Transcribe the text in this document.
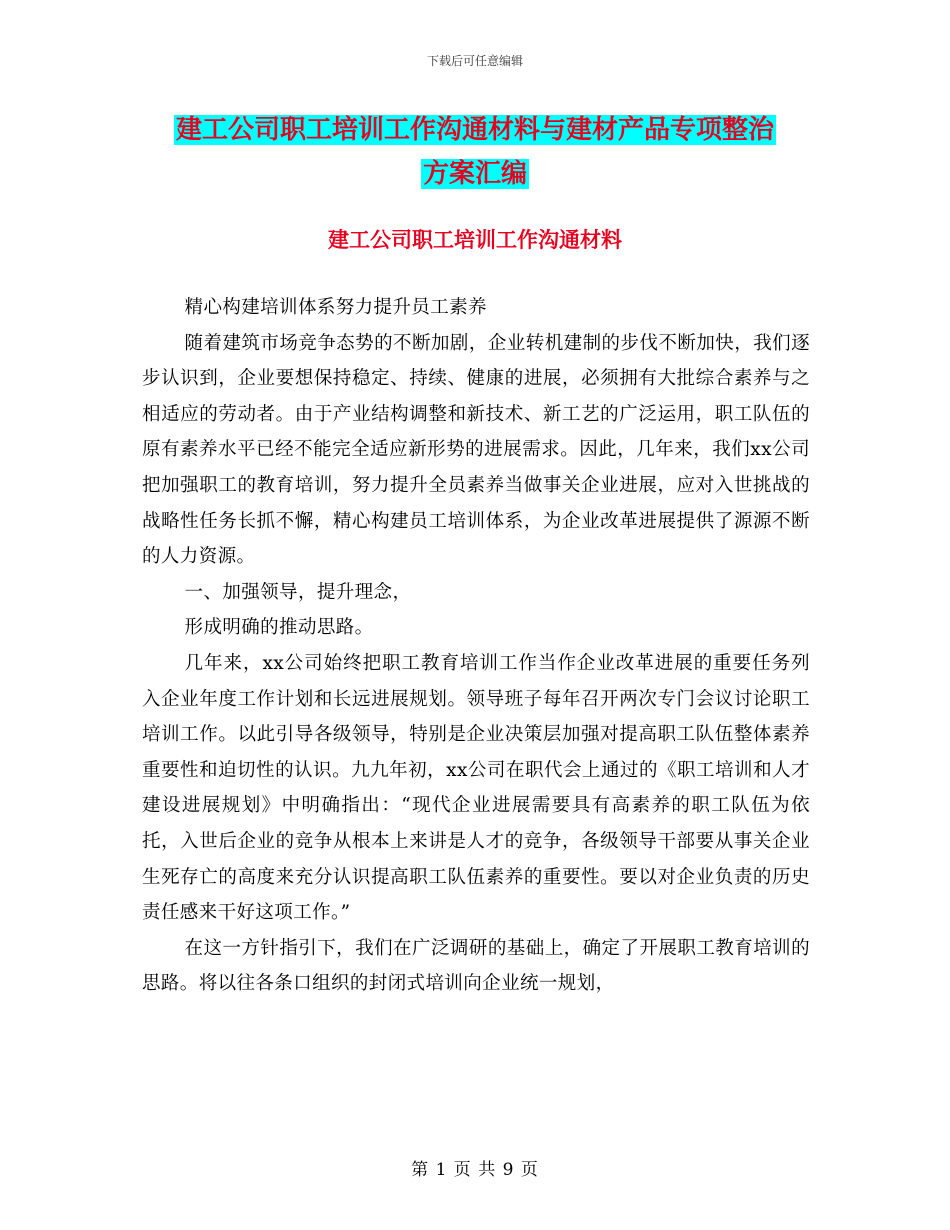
下载后可任意编辑
建工公司职工培训工作沟通材料与建材产品专项整治
方案汇编
建工公司职工培训工作沟通材料

精心构建培训体系努力提升员工素养

随着建筑市场竞争态势的不断加剧，企业转机建制的步伐不断加快，我们逐步认识到，企业要想保持稳定、持续、健康的进展，必须拥有大批综合素养与之相适应的劳动者。由于产业结构调整和新技术、新工艺的广泛运用，职工队伍的原有素养水平已经不能完全适应新形势的进展需求。因此，几年来，我们xx公司把加强职工的教育培训，努力提升全员素养当做事关企业进展，应对入世挑战的战略性任务长抓不懈，精心构建员工培训体系，为企业改革进展提供了源源不断的人力资源。

一、加强领导，提升理念，

形成明确的推动思路。

几年来，xx公司始终把职工教育培训工作当作企业改革进展的重要任务列入企业年度工作计划和长远进展规划。领导班子每年召开两次专门会议讨论职工培训工作。以此引导各级领导，特别是企业决策层加强对提高职工队伍整体素养重要性和迫切性的认识。九九年初，xx公司在职代会上通过的《职工培训和人才建设进展规划》中明确指出：“现代企业进展需要具有高素养的职工队伍为依托，入世后企业的竞争从根本上来讲是人才的竞争，各级领导干部要从事关企业生死存亡的高度来充分认识提高职工队伍素养的重要性。要以对企业负责的历史责任感来干好这项工作。”

在这一方针指引下，我们在广泛调研的基础上，确定了开展职工教育培训的思路。将以往各条口组织的封闭式培训向企业统一规划，

第 1 页 共 9 页
